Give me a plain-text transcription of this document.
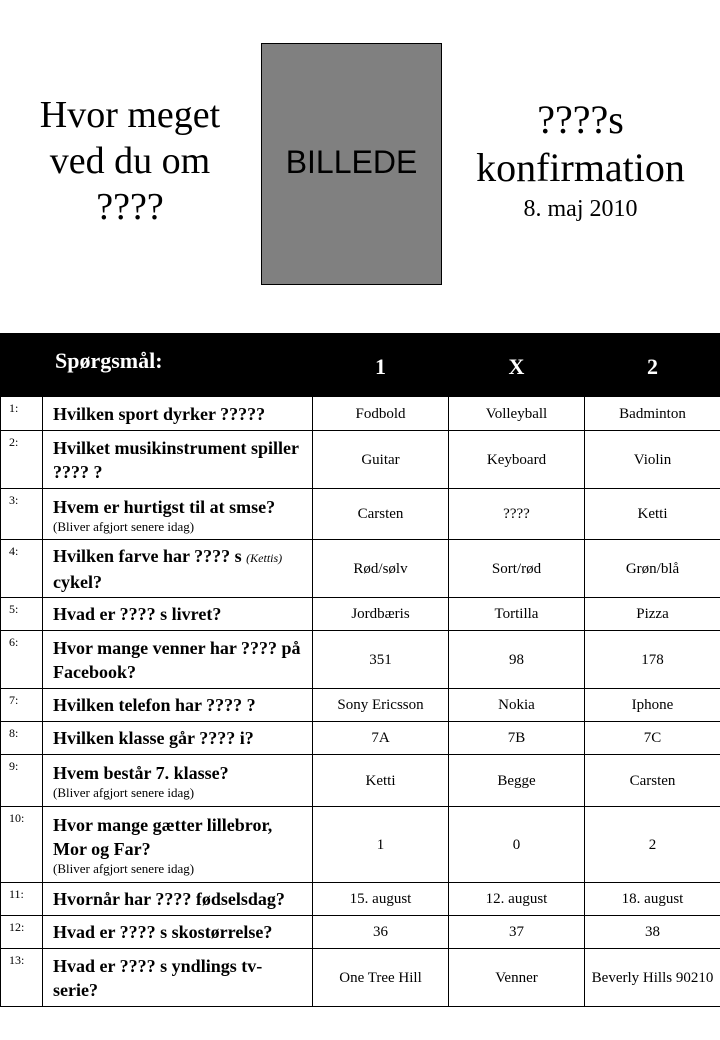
Hvor meget
ved du om
????
BILLEDE
????s
konfirmation
8. maj 2010
	Spørgsmål:	1	X	2
1:	Hvilken sport dyrker ?????	Fodbold	Volleyball	Badminton
2:	Hvilket musikinstrument spiller ???? ?	Guitar	Keyboard	Violin
3:	Hvem er hurtigst til at smse?
(Bliver afgjort senere idag)	Carsten	????	Ketti
4:	Hvilken farve har ???? s (Kettis) cykel?	Rød/sølv	Sort/rød	Grøn/blå
5:	Hvad er ???? s livret?	Jordbæris	Tortilla	Pizza
6:	Hvor mange venner har ???? på Facebook?	351	98	178
7:	Hvilken telefon har ???? ?	Sony Ericsson	Nokia	Iphone
8:	Hvilken klasse går ???? i?	7A	7B	7C
9:	Hvem består 7. klasse?
(Bliver afgjort senere idag)	Ketti	Begge	Carsten
10:	Hvor mange gætter lillebror, Mor og Far?
(Bliver afgjort senere idag)	1	0	2
11:	Hvornår har ???? fødselsdag?	15. august	12. august	18. august
12:	Hvad er ???? s skostørrelse?	36	37	38
13:	Hvad er ???? s yndlings tv-serie?	One Tree Hill	Venner	Beverly Hills 90210
